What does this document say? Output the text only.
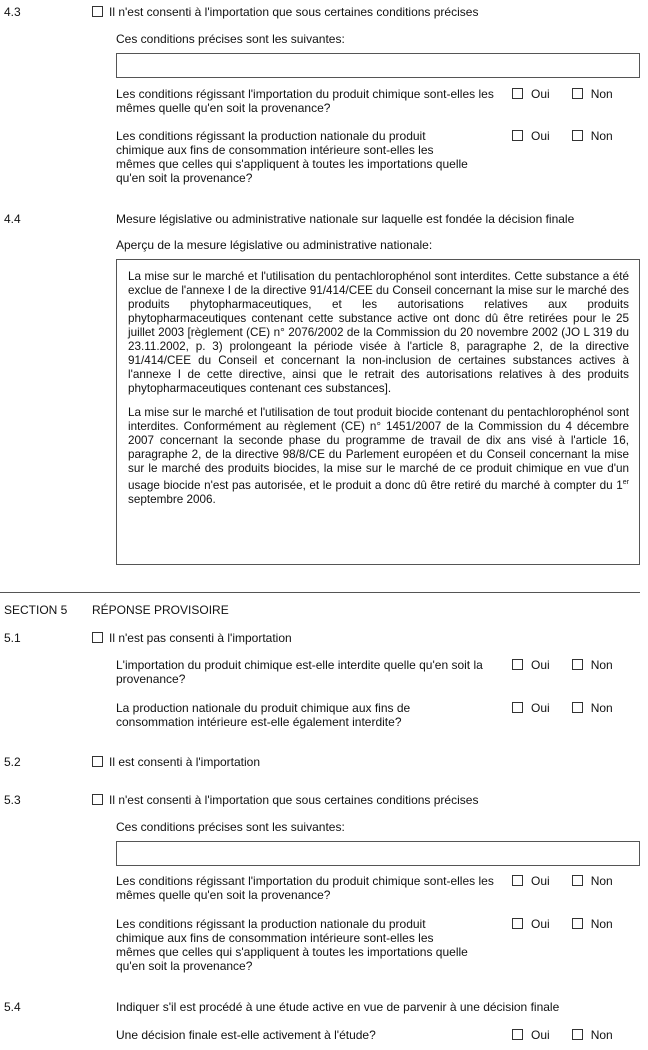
4.3	Il n'est consenti à l'importation que sous certaines conditions précises
Ces conditions précises sont les suivantes:
Les conditions régissant l'importation du produit chimique sont-elles les mêmes quelle qu'en soit la provenance?
Oui	Non
Les conditions régissant la production nationale du produit chimique aux fins de consommation intérieure sont-elles les mêmes que celles qui s'appliquent à toutes les importations quelle qu'en soit la provenance?
Oui	Non
4.4	Mesure législative ou administrative nationale sur laquelle est fondée la décision finale
Aperçu de la mesure législative ou administrative nationale:

La mise sur le marché et l'utilisation du pentachlorophénol sont interdites. Cette substance a été exclue de l'annexe I de la directive 91/414/CEE du Conseil concernant la mise sur le marché des produits phytopharmaceutiques, et les autorisations relatives aux produits phytopharmaceutiques contenant cette substance active ont donc dû être retirées pour le 25 juillet 2003 [règlement (CE) n° 2076/2002 de la Commission du 20 novembre 2002 (JO L 319 du 23.11.2002, p. 3) prolongeant la période visée à l'article 8, paragraphe 2, de la directive 91/414/CEE du Conseil et concernant la non-inclusion de certaines substances actives à l'annexe I de cette directive, ainsi que le retrait des autorisations relatives à des produits phytopharmaceutiques contenant ces substances].

La mise sur le marché et l'utilisation de tout produit biocide contenant du pentachlorophénol sont interdites. Conformément au règlement (CE) n° 1451/2007 de la Commission du 4 décembre 2007 concernant la seconde phase du programme de travail de dix ans visé à l'article 16, paragraphe 2, de la directive 98/8/CE du Parlement européen et du Conseil concernant la mise sur le marché des produits biocides, la mise sur le marché de ce produit chimique en vue d'un usage biocide n'est pas autorisée, et le produit a donc dû être retiré du marché à compter du 1er septembre 2006.

SECTION 5 RÉPONSE PROVISOIRE
5.1	Il n'est pas consenti à l'importation
L'importation du produit chimique est-elle interdite quelle qu'en soit la provenance?
Oui	Non
La production nationale du produit chimique aux fins de consommation intérieure est-elle également interdite?
Oui	Non
5.2	Il est consenti à l'importation
5.3	Il n'est consenti à l'importation que sous certaines conditions précises
Ces conditions précises sont les suivantes:
Les conditions régissant l'importation du produit chimique sont-elles les mêmes quelle qu'en soit la provenance?
Oui	Non
Les conditions régissant la production nationale du produit chimique aux fins de consommation intérieure sont-elles les mêmes que celles qui s'appliquent à toutes les importations quelle qu'en soit la provenance?
Oui	Non
5.4	Indiquer s'il est procédé à une étude active en vue de parvenir à une décision finale
Une décision finale est-elle activement à l'étude?	Oui	Non
